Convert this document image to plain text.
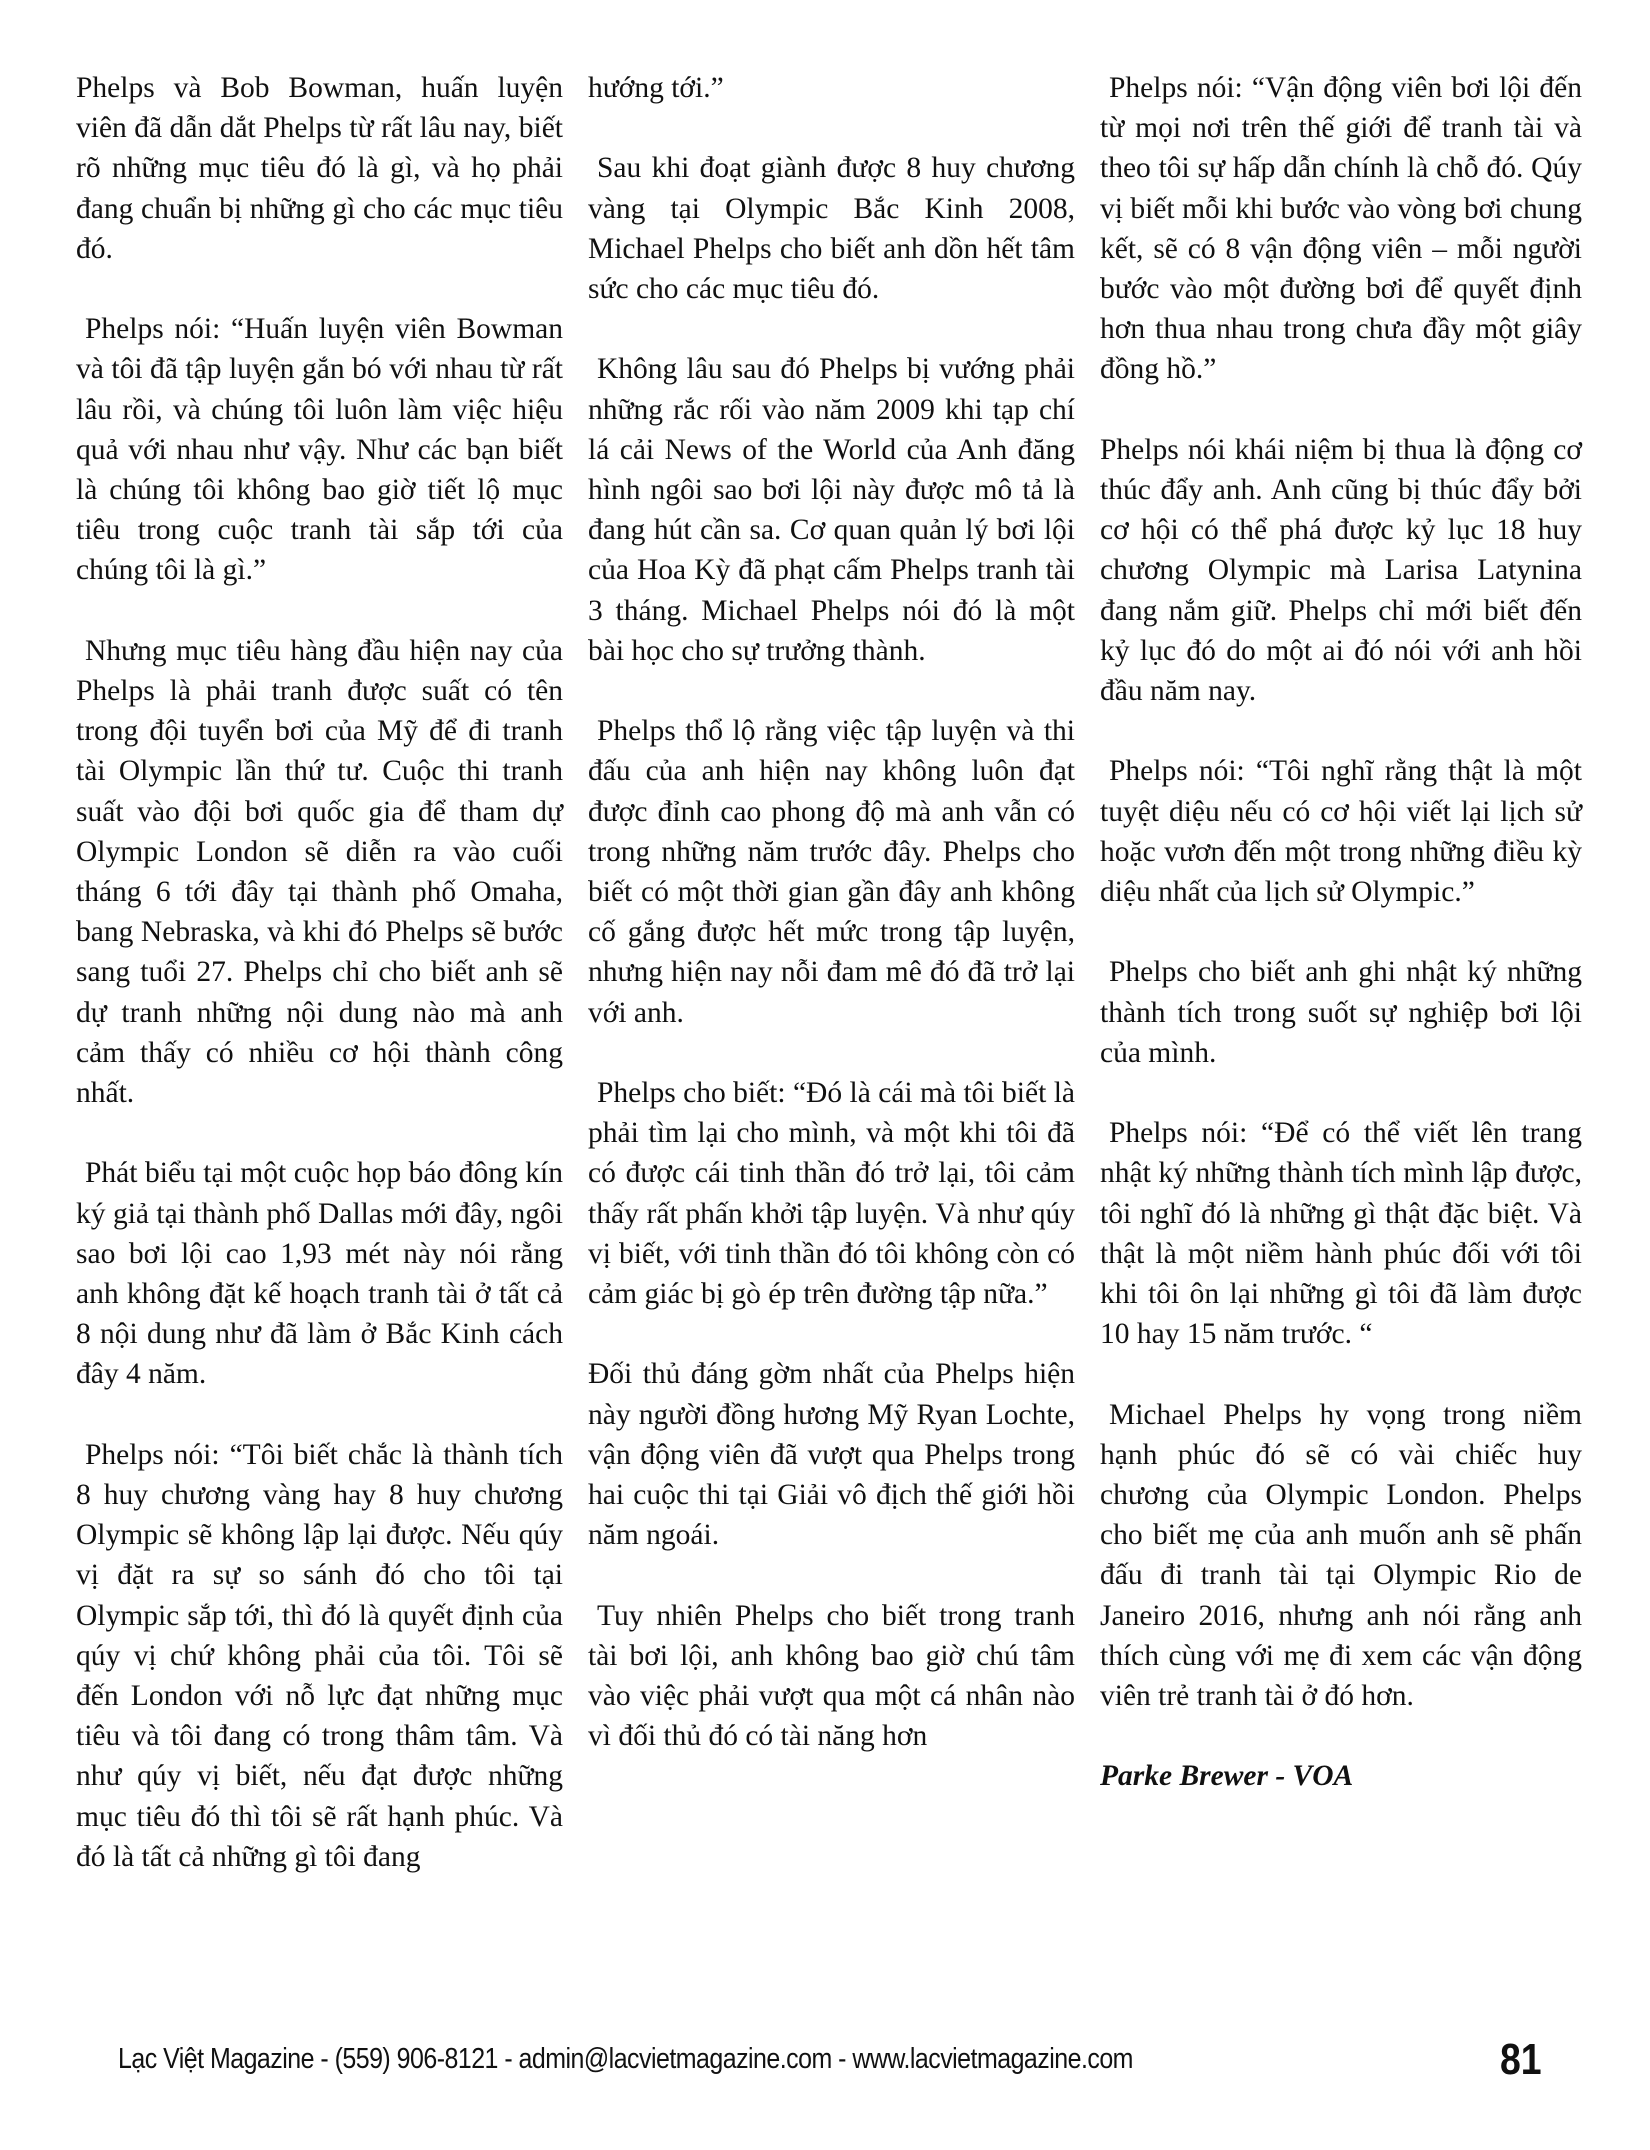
Phelps và Bob Bowman, huấn luyện viên đã dẫn dắt Phelps từ rất lâu nay, biết rõ những mục tiêu đó là gì, và họ phải đang chuẩn bị những gì cho các mục tiêu đó.

Phelps nói: “Huấn luyện viên Bowman và tôi đã tập luyện gắn bó với nhau từ rất lâu rồi, và chúng tôi luôn làm việc hiệu quả với nhau như vậy. Như các bạn biết là chúng tôi không bao giờ tiết lộ mục tiêu trong cuộc tranh tài sắp tới của chúng tôi là gì.”

Nhưng mục tiêu hàng đầu hiện nay của Phelps là phải tranh được suất có tên trong đội tuyển bơi của Mỹ để đi tranh tài Olympic lần thứ tư. Cuộc thi tranh suất vào đội bơi quốc gia để tham dự Olympic London sẽ diễn ra vào cuối tháng 6 tới đây tại thành phố Omaha, bang Nebraska, và khi đó Phelps sẽ bước sang tuổi 27. Phelps chỉ cho biết anh sẽ dự tranh những nội dung nào mà anh cảm thấy có nhiều cơ hội thành công nhất.

Phát biểu tại một cuộc họp báo đông kín ký giả tại thành phố Dallas mới đây, ngôi sao bơi lội cao 1,93 mét này nói rằng anh không đặt kế hoạch tranh tài ở tất cả 8 nội dung như đã làm ở Bắc Kinh cách đây 4 năm.

Phelps nói: “Tôi biết chắc là thành tích 8 huy chương vàng hay 8 huy chương Olympic sẽ không lập lại được. Nếu qúy vị đặt ra sự so sánh đó cho tôi tại Olympic sắp tới, thì đó là quyết định của qúy vị chứ không phải của tôi. Tôi sẽ đến London với nỗ lực đạt những mục tiêu và tôi đang có trong thâm tâm. Và như qúy vị biết, nếu đạt được những mục tiêu đó thì tôi sẽ rất hạnh phúc. Và đó là tất cả những gì tôi đang

hướng tới.”

Sau khi đoạt giành được 8 huy chương vàng tại Olympic Bắc Kinh 2008, Michael Phelps cho biết anh dồn hết tâm sức cho các mục tiêu đó.

Không lâu sau đó Phelps bị vướng phải những rắc rối vào năm 2009 khi tạp chí lá cải News of the World của Anh đăng hình ngôi sao bơi lội này được mô tả là đang hút cần sa. Cơ quan quản lý bơi lội của Hoa Kỳ đã phạt cấm Phelps tranh tài 3 tháng. Michael Phelps nói đó là một bài học cho sự trưởng thành.

Phelps thổ lộ rằng việc tập luyện và thi đấu của anh hiện nay không luôn đạt được đỉnh cao phong độ mà anh vẫn có trong những năm trước đây. Phelps cho biết có một thời gian gần đây anh không cố gắng được hết mức trong tập luyện, nhưng hiện nay nỗi đam mê đó đã trở lại với anh.

Phelps cho biết: “Đó là cái mà tôi biết là phải tìm lại cho mình, và một khi tôi đã có được cái tinh thần đó trở lại, tôi cảm thấy rất phấn khởi tập luyện. Và như qúy vị biết, với tinh thần đó tôi không còn có cảm giác bị gò ép trên đường tập nữa.”

Đối thủ đáng gờm nhất của Phelps hiện này người đồng hương Mỹ Ryan Lochte, vận động viên đã vượt qua Phelps trong hai cuộc thi tại Giải vô địch thế giới hồi năm ngoái.

Tuy nhiên Phelps cho biết trong tranh tài bơi lội, anh không bao giờ chú tâm vào việc phải vượt qua một cá nhân nào vì đối thủ đó có tài năng hơn

Phelps nói: “Vận động viên bơi lội đến từ mọi nơi trên thế giới để tranh tài và theo tôi sự hấp dẫn chính là chỗ đó. Qúy vị biết mỗi khi bước vào vòng bơi chung kết, sẽ có 8 vận động viên – mỗi người bước vào một đường bơi để quyết định hơn thua nhau trong chưa đầy một giây đồng hồ.”

Phelps nói khái niệm bị thua là động cơ thúc đẩy anh. Anh cũng bị thúc đẩy bởi cơ hội có thể phá được kỷ lục 18 huy chương Olympic mà Larisa Latynina đang nắm giữ. Phelps chỉ mới biết đến kỷ lục đó do một ai đó nói với anh hồi đầu năm nay.

Phelps nói: “Tôi nghĩ rằng thật là một tuyệt diệu nếu có cơ hội viết lại lịch sử hoặc vươn đến một trong những điều kỳ diệu nhất của lịch sử Olympic.”

Phelps cho biết anh ghi nhật ký những thành tích trong suốt sự nghiệp bơi lội của mình.

Phelps nói: “Để có thể viết lên trang nhật ký những thành tích mình lập được, tôi nghĩ đó là những gì thật đặc biệt. Và thật là một niềm hành phúc đối với tôi khi tôi ôn lại những gì tôi đã làm được 10 hay 15 năm trước. “

Michael Phelps hy vọng trong niềm hạnh phúc đó sẽ có vài chiếc huy chương của Olympic London. Phelps cho biết mẹ của anh muốn anh sẽ phấn đấu đi tranh tài tại Olympic Rio de Janeiro 2016, nhưng anh nói rằng anh thích cùng với mẹ đi xem các vận động viên trẻ tranh tài ở đó hơn.

Parke Brewer - VOA

Lạc Việt Magazine - (559) 906-8121 - admin@lacvietmagazine.com - www.lacvietmagazine.com	81
